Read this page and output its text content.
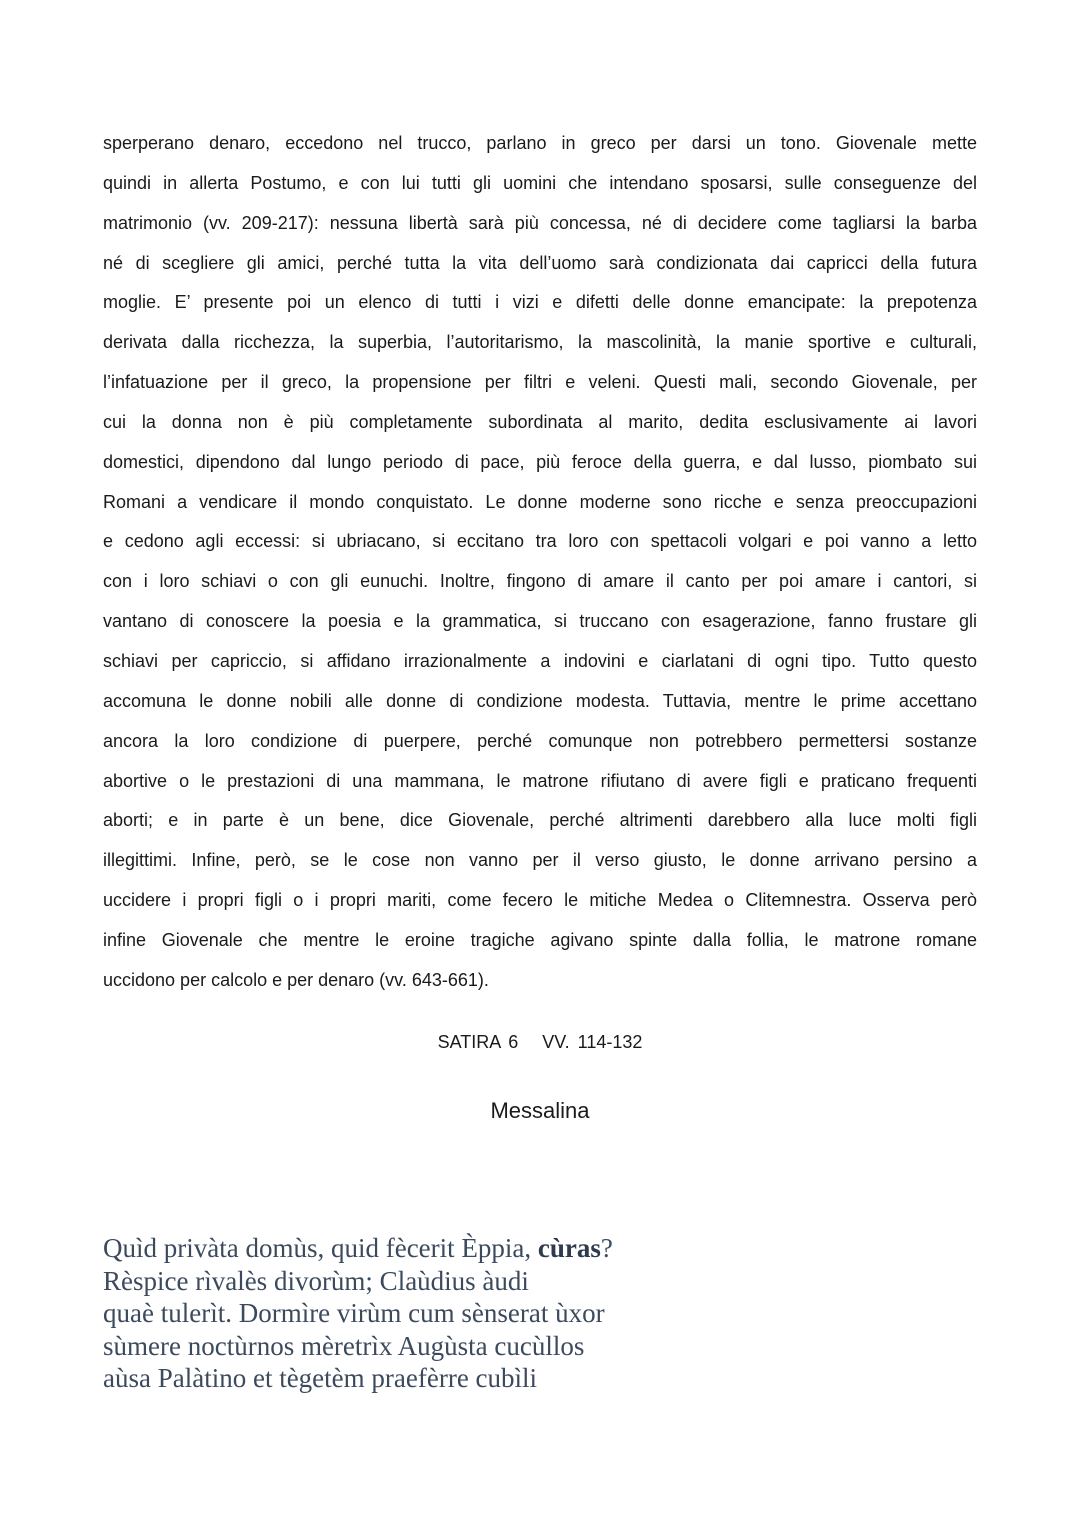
sperperano denaro, eccedono nel trucco, parlano in greco per darsi un tono. Giovenale mette
quindi in allerta Postumo, e con lui tutti gli uomini che intendano sposarsi, sulle conseguenze del
matrimonio (vv. 209-217): nessuna libertà sarà più concessa, né di decidere come tagliarsi la barba
né di scegliere gli amici, perché tutta la vita dell’uomo sarà condizionata dai capricci della futura
moglie. E’ presente poi un elenco di tutti i vizi e difetti delle donne emancipate: la prepotenza
derivata dalla ricchezza, la superbia, l’autoritarismo, la mascolinità, la manie sportive e culturali,
l’infatuazione per il greco, la propensione per filtri e veleni. Questi mali, secondo Giovenale, per
cui la donna non è più completamente subordinata al marito, dedita esclusivamente ai lavori
domestici, dipendono dal lungo periodo di pace, più feroce della guerra, e dal lusso, piombato sui
Romani a vendicare il mondo conquistato. Le donne moderne sono ricche e senza preoccupazioni
e cedono agli eccessi: si ubriacano, si eccitano tra loro con spettacoli volgari e poi vanno a letto
con i loro schiavi o con gli eunuchi. Inoltre, fingono di amare il canto per poi amare i cantori, si
vantano di conoscere la poesia e la grammatica, si truccano con esagerazione, fanno frustare gli
schiavi per capriccio, si affidano irrazionalmente a indovini e ciarlatani di ogni tipo. Tutto questo
accomuna le donne nobili alle donne di condizione modesta. Tuttavia, mentre le prime accettano
ancora la loro condizione di puerpere, perché comunque non potrebbero permettersi sostanze
abortive o le prestazioni di una mammana, le matrone rifiutano di avere figli e praticano frequenti
aborti; e in parte è un bene, dice Giovenale, perché altrimenti darebbero alla luce molti figli
illegittimi. Infine, però, se le cose non vanno per il verso giusto, le donne arrivano persino a
uccidere i propri figli o i propri mariti, come fecero le mitiche Medea o Clitemnestra. Osserva però
infine Giovenale che mentre le eroine tragiche agivano spinte dalla follia, le matrone romane
uccidono per calcolo e per denaro (vv. 643-661).
SATIRA 6   VV. 114-132
Messalina
Quìd privàta domùs, quid fècerit Èppia, cùras?
Rèspice rìvalès divorùm; Claùdius àudi
quaè tulerìt. Dormìre virùm cum sènserat ùxor
sùmere noctùrnos mèretrìx Augùsta cucùllos
aùsa Palàtino et tègetèm praefèrre cubìli
